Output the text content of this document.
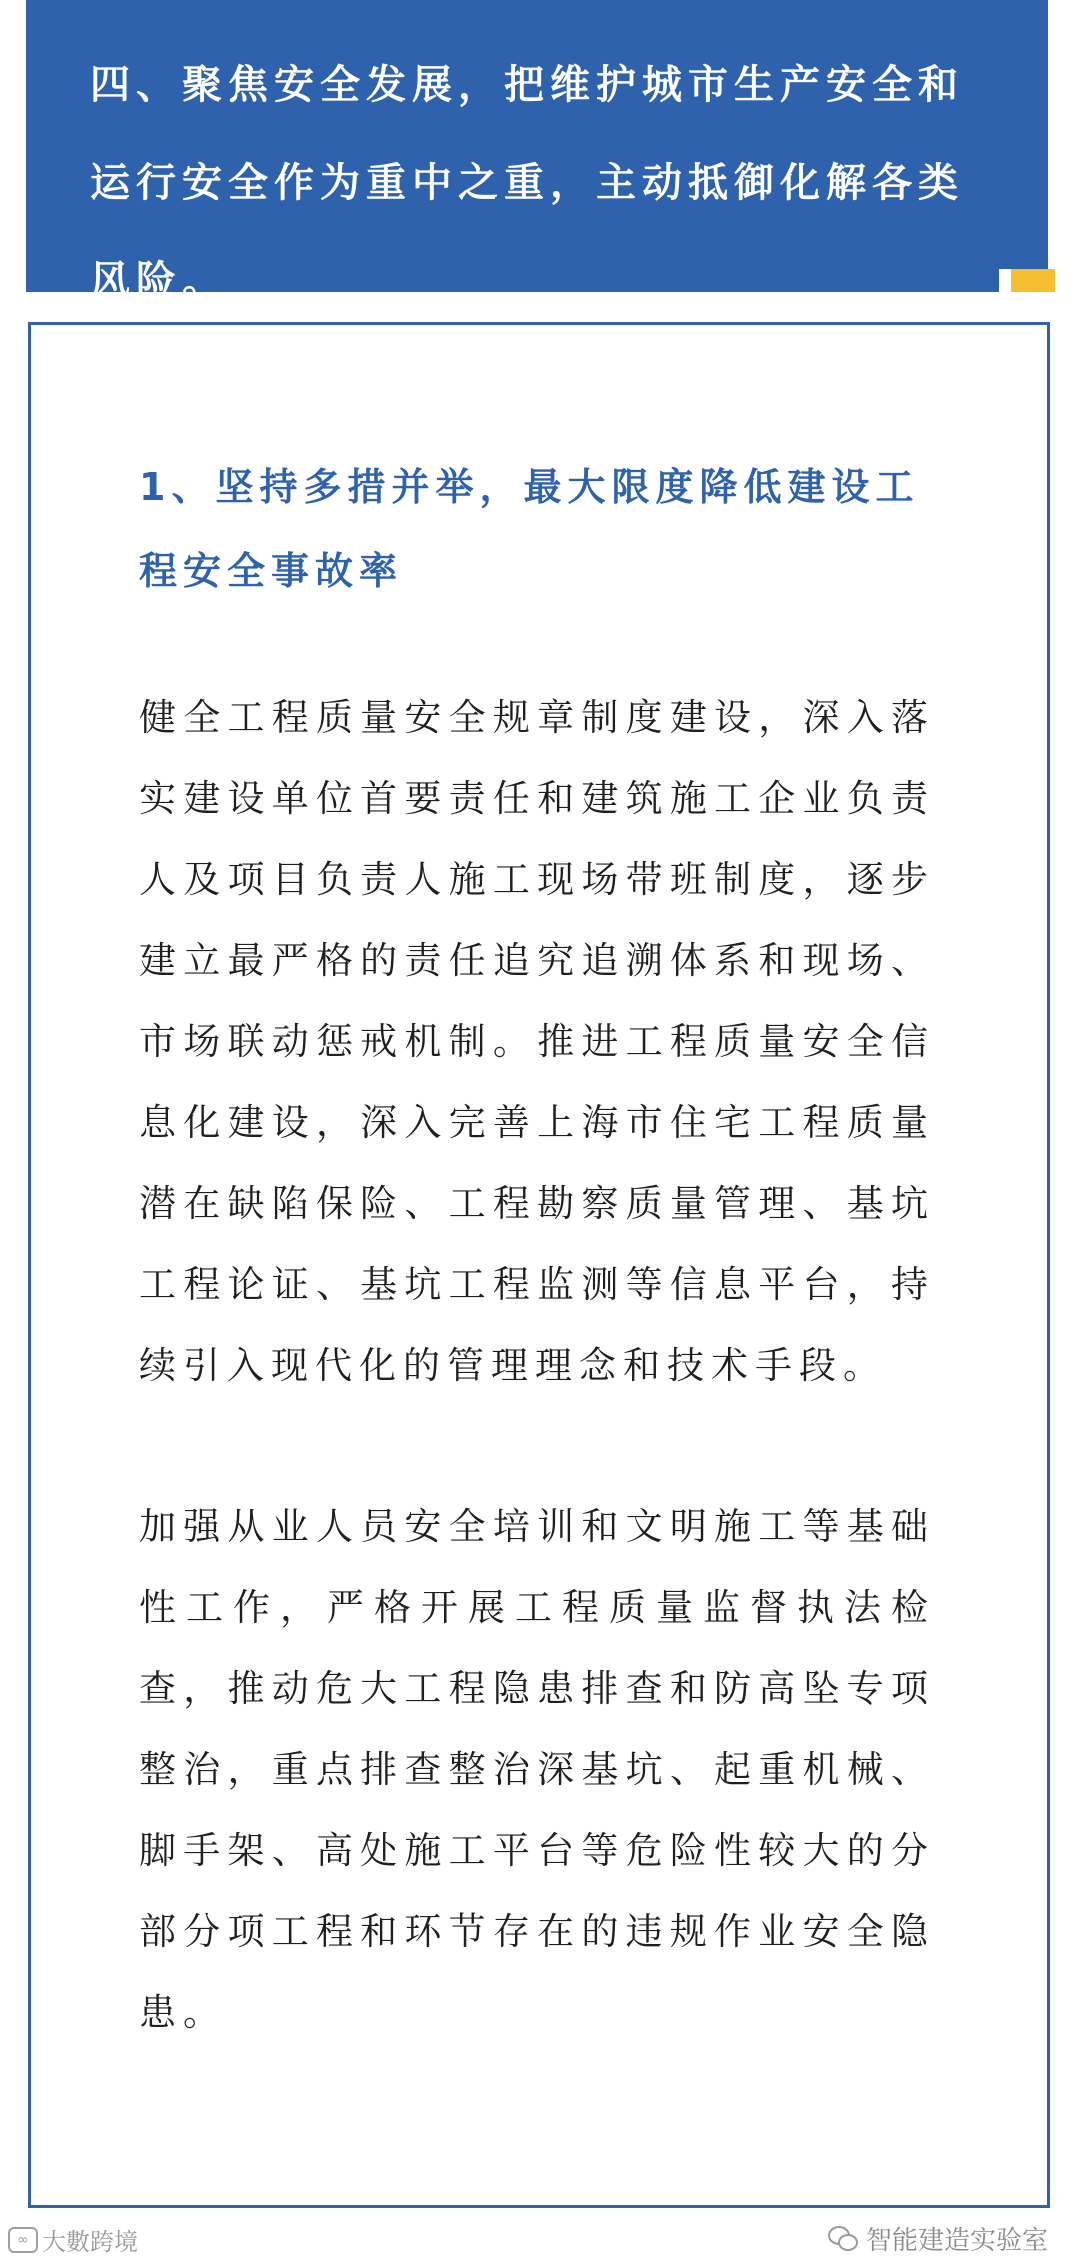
四、聚焦安全发展，把维护城市生产安全和运行安全作为重中之重，主动抵御化解各类风险。

1、坚持多措并举，最大限度降低建设工程安全事故率

健全工程质量安全规章制度建设，深入落实建设单位首要责任和建筑施工企业负责人及项目负责人施工现场带班制度，逐步建立最严格的责任追究追溯体系和现场、市场联动惩戒机制。推进工程质量安全信息化建设，深入完善上海市住宅工程质量潜在缺陷保险、工程勘察质量管理、基坑工程论证、基坑工程监测等信息平台，持续引入现代化的管理理念和技术手段。

加强从业人员安全培训和文明施工等基础性工作，严格开展工程质量监督执法检查，推动危大工程隐患排查和防高坠专项整治，重点排查整治深基坑、起重机械、脚手架、高处施工平台等危险性较大的分部分项工程和环节存在的违规作业安全隐患。

∞ 大數跨境	智能建造实验室
